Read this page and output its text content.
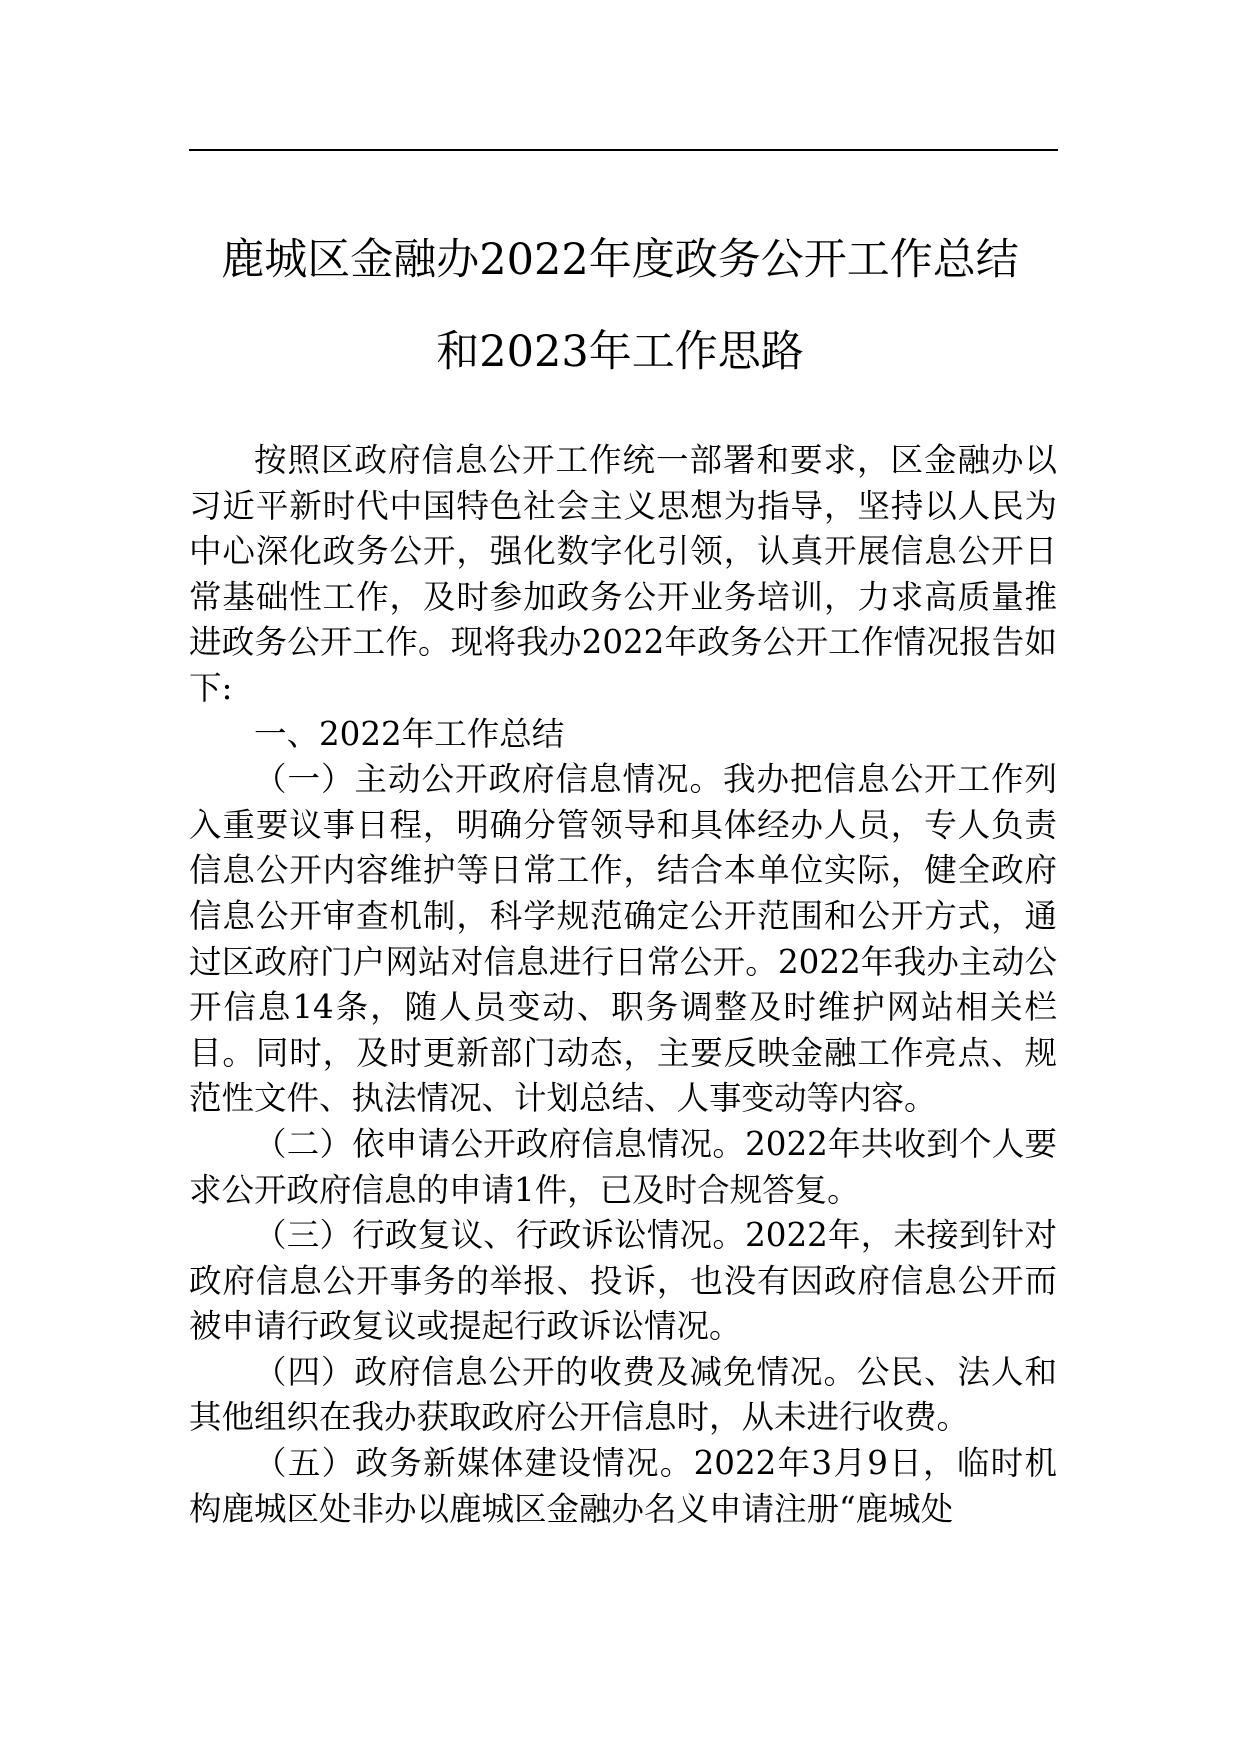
鹿城区金融办2022年度政务公开工作总结
和2023年工作思路

按照区政府信息公开工作统一部署和要求，区金融办以习近平新时代中国特色社会主义思想为指导，坚持以人民为中心深化政务公开，强化数字化引领，认真开展信息公开日常基础性工作，及时参加政务公开业务培训，力求高质量推进政务公开工作。现将我办2022年政务公开工作情况报告如下:

一、2022年工作总结

（一）主动公开政府信息情况。我办把信息公开工作列入重要议事日程，明确分管领导和具体经办人员，专人负责信息公开内容维护等日常工作，结合本单位实际，健全政府信息公开审查机制，科学规范确定公开范围和公开方式，通过区政府门户网站对信息进行日常公开。2022年我办主动公开信息14条，随人员变动、职务调整及时维护网站相关栏目。同时，及时更新部门动态，主要反映金融工作亮点、规范性文件、执法情况、计划总结、人事变动等内容。

（二）依申请公开政府信息情况。2022年共收到个人要求公开政府信息的申请1件，已及时合规答复。

（三）行政复议、行政诉讼情况。2022年，未接到针对政府信息公开事务的举报、投诉，也没有因政府信息公开而被申请行政复议或提起行政诉讼情况。

（四）政府信息公开的收费及减免情况。公民、法人和其他组织在我办获取政府公开信息时，从未进行收费。

（五）政务新媒体建设情况。2022年3月9日，临时机构鹿城区处非办以鹿城区金融办名义申请注册“鹿城处
